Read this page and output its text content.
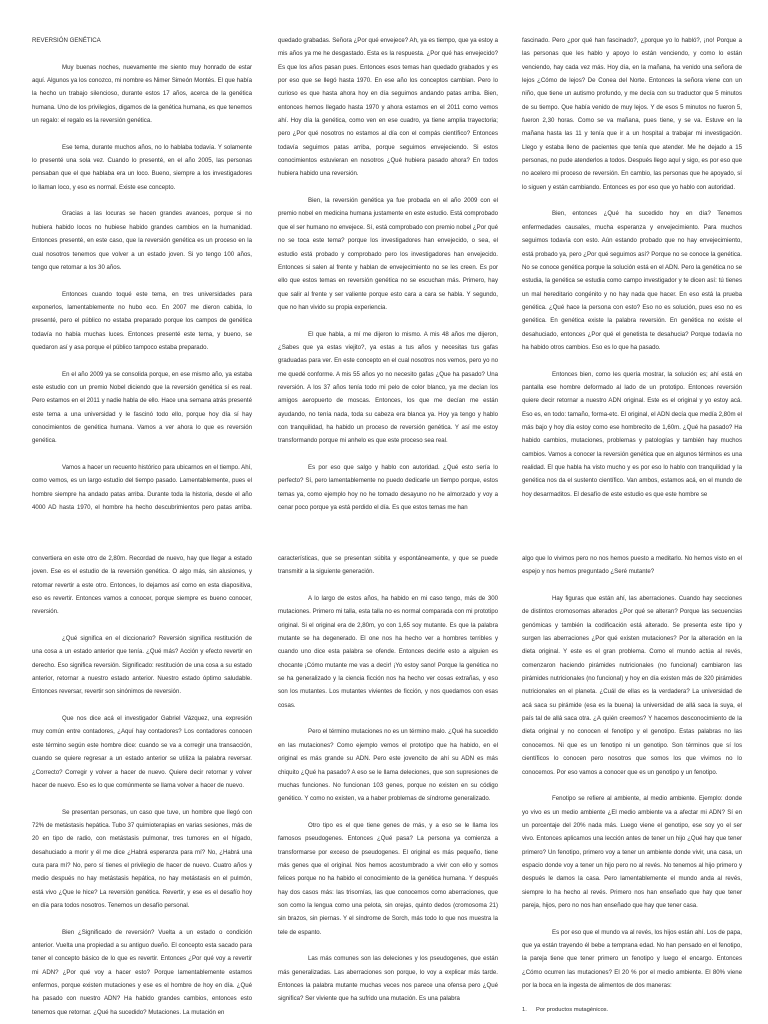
REVERSIÓN GENÉTICA

Muy buenas noches, nuevamente me siento muy honrado de estar aquí. Algunos ya los conozco, mi nombre es Nimer Simeón Montés. El que había la hecho un trabajo silencioso, durante estos 17 años, acerca de la genética humana. Uno de los privilegios, digamos de la genética humana, es que tenemos un regalo: el regalo es la reversión genética.

Ese tema, durante muchos años, no lo hablaba todavía. Y solamente lo presenté una sola vez. Cuando lo presenté, en el año 2005, las personas pensaban que el que hablaba era un loco. Bueno, siempre a los investigadores lo llaman loco, y eso es normal. Existe ese concepto.

Gracias a las locuras se hacen grandes avances, porque si no hubiera habido locos no hubiese habido grandes cambios en la humanidad. Entonces presenté, en este caso, que la reversión genética es un proceso en la cual nosotros tenemos que volver a un estado joven. Si yo tengo 100 años, tengo que retomar a los 30 años.

Entonces cuando toqué este tema, en tres universidades para exponerlos, lamentablemente no hubo eco. En 2007 me dieron cabida, lo presenté, pero el público no estaba preparado porque los campos de genética todavía no había muchas luces. Entonces presenté este tema, y bueno, se quedaron así y asa porque el público tampoco estaba preparado.

En el año 2009 ya se consolida porque, en ese mismo año, ya estaba este estudio con un premio Nobel diciendo que la reversión genética sí es real. Pero estamos en el 2011 y nadie habla de ello. Hace una semana atrás presenté este tema a una universidad y le fascinó todo ello, porque hoy día sí hay conocimientos de genética humana. Vamos a ver ahora lo que es reversión genética.

Vamos a hacer un recuento histórico para ubicarnos en el tiempo. Ahí, como vemos, es un largo estudio del tiempo pasado. Lamentablemente, pues el hombre siempre ha andado patas arriba. Durante toda la historia, desde el año 4000 AD hasta 1970, el hombre ha hecho descubrimientos pero patas arriba.

quedado grabadas. Señora ¿Por qué envejece? Ah, ya es tiempo, que ya estoy a mis años ya me he desgastado. Esta es la respuesta. ¿Por qué has envejecido? Es que los años pasan pues. Entonces esos temas han quedado grabados y es por eso que se llegó hasta 1970. En ese año los conceptos cambian. Pero lo curioso es que hasta ahora hoy en día seguimos andando patas arriba. Bien, entonces hemos llegado hasta 1970 y ahora estamos en el 2011 como vemos ahí. Hoy día la genética, como ven en ese cuadro, ya tiene amplia trayectoria; pero ¿Por qué nosotros no estamos al día con el compás científico? Entonces todavía seguimos patas arriba, porque seguimos envejeciendo. Si estos conocimientos estuvieran en nosotros ¿Qué hubiera pasado ahora? En todos hubiera habido una reversión.

Bien, la reversión genética ya fue probada en el año 2009 con el premio nobel en medicina humana justamente en este estudio. Está comprobado que el ser humano no envejece. Sí, está comprobado con premio nobel ¿Por qué no se toca este tema? porque los investigadores han envejecido, o sea, el estudio está probado y comprobado pero los investigadores han envejecido. Entonces si salen al frente y hablan de envejecimiento no se les creen. Es por ello que estos temas en reversión genética no se escuchan más. Primero, hay que salir al frente y ser valiente porque esto cara a cara se habla. Y segundo, que no han vivido su propia experiencia.

El que habla, a mí me dijeron lo mismo. A mis 48 años me dijeron, ¿Sabes que ya estas viejito?, ya estas a tus años y necesitas tus gafas graduadas para ver. En este concepto en el cual nosotros nos vemos, pero yo no me quedé conforme. A mis 55 años yo no necesito gafas ¿Que ha pasado? Una reversión. A los 37 años tenía todo mi pelo de color blanco, ya me decían los amigos aeropuerto de moscas. Entonces, los que me decían me están ayudando, no tenía nada, toda su cabeza era blanca ya. Hoy ya tengo y hablo con tranquilidad, ha habido un proceso de reversión genética. Y así me estoy transformando porque mi anhelo es que este proceso sea real.

Es por eso que salgo y hablo con autoridad. ¿Qué esto sería lo perfecto? Sí, pero lamentablemente no puedo dedicarle un tiempo porque, estos temas ya, como ejemplo hoy no he tomado desayuno no he almorzado y voy a cenar poco porque ya está perdido el día. Es que estos temas me han

fascinado. Pero ¿por qué han fascinado?, ¿porque yo lo habló?, ¡no! Porque a las personas que les hablo y apoyo lo están venciendo, y como lo están venciendo, hay cada vez más. Hoy día, en la mañana, ha venido una señora de lejos ¿Cómo de lejos? De Conea del Norte. Entonces la señora viene con un niño, que tiene un autismo profundo, y me decía con su traductor que 5 minutos de su tiempo. Que había venido de muy lejos. Y de esos 5 minutos no fueron 5, fueron 2,30 horas. Como se va mañana, pues tiene, y se va. Estuve en la mañana hasta las 11 y tenía que ir a un hospital a trabajar mi investigación. Llego y estaba lleno de pacientes que tenía que atender. Me he dejado a 15 personas, no pude atenderlos a todos. Después llego aquí y sigo, es por eso que no acelero mi proceso de reversión. En cambio, las personas que he apoyado, sí lo siguen y están cambiando. Entonces es por eso que yo hablo con autoridad.

Bien, entonces ¿Qué ha sucedido hoy en día? Tenemos enfermedades causales, mucha esperanza y envejecimiento. Para muchos seguimos todavía con esto. Aún estando probado que no hay envejecimiento, está probado ya, pero ¿Por qué seguimos así? Porque no se conoce la genética. No se conoce genética porque la solución está en el ADN. Pero la genética no se estudia, la genética se estudia como campo investigador y te dicen así: tú tienes un mal hereditario congénito y no hay nada que hacer. En eso está la prueba genética. ¿Qué hace la persona con esto? Eso no es solución, pues eso no es genética. En genética existe la palabra reversión. En genética no existe el desahuciado, entonces ¿Por qué el genetista te desahucia? Porque todavía no ha habido otros cambios. Eso es lo que ha pasado.

Entonces bien, como les quería mostrar, la solución es; ahí está en pantalla ese hombre deformado al lado de un prototipo. Entonces reversión quiere decir retornar a nuestro ADN original. Este es el original y yo estoy acá. Eso es, en todo: tamaño, forma-etc. El original, el ADN decía que medía 2,80m el más bajo y hoy día estoy como ese hombrecito de 1,60m. ¿Qué ha pasado? Ha habido cambios, mutaciones, problemas y patologías y también hay muchos cambios. Vamos a conocer la reversión genética que en algunos términos es una realidad. El que habla ha visto mucho y es por eso lo hablo con tranquilidad y la genética nos da el sustento científico. Van ambos, estamos acá, en el mundo de hoy desarmaditos. El desafío de este estudio es que este hombre se

convertiera en este otro de 2,80m. Recordad de nuevo, hay que llegar a estado joven. Ese es el estudio de la reversión genética. O algo más, sin alusiones, y retomar revertir a este otro. Entonces, lo dejamos así como en esta diapositiva, eso es revertir. Entonces vamos a conocer, porque siempre es bueno conocer, reversión.

¿Qué significa en el diccionario? Reversión significa restitución de una cosa a un estado anterior que tenía. ¿Qué más? Acción y efecto revertir en derecho. Eso significa reversión. Significado: restitución de una cosa a su estado anterior, retornar a nuestro estado anterior. Nuestro estado óptimo saludable. Entonces reversar, revertir son sinónimos de reversión.

Que nos dice acá el investigador Gabriel Vázquez, una expresión muy común entre contadores, ¿Aquí hay contadores? Los contadores conocen este término según este hombre dice: cuando se va a corregir una transacción, cuando se quiere regresar a un estado anterior se utiliza la palabra reversar. ¿Correcto? Corregir y volver a hacer de nuevo. Quiere decir retornar y volver hacer de nuevo. Eso es lo que comúnmente se llama volver a hacer de nuevo.

Se presentan personas, un caso que tuve, un hombre que llegó con 72% de metástasis hepática. Tubo 37 quimioterapias en varias sesiones, más de 20 en tipo de radio, con metástasis pulmonar, tres tumores en el hígado, desahuciado a morir y él me dice ¿Habrá esperanza para mí? No, ¿Habrá una cura para mí? No, pero sí tienes el privilegio de hacer de nuevo. Cuatro años y medio después no hay metástasis hepática, no hay metástasis en el pulmón, está vivo ¿Que le hice? La reversión genética. Revertir, y ese es el desafío hoy en día para todos nosotros. Tenemos un desafío personal.

Bien ¿Significado de reversión? Vuelta a un estado o condición anterior. Vuelta una propiedad a su antiguo dueño. El concepto esta sacado para tener el concepto básico de lo que es revertir. Entonces ¿Por qué voy a revertir mi ADN? ¿Por qué voy a hacer esto? Porque lamentablemente estamos enfermos, porque existen mutaciones y ese es el hombre de hoy en día. ¿Qué ha pasado con nuestro ADN? Ha habido grandes cambios, entonces esto tenemos que retornar. ¿Qué ha sucedido? Mutaciones. La mutación en

características, que se presentan súbita y espontáneamente, y que se puede transmitir a la siguiente generación.

A lo largo de estos años, ha habido en mi caso tengo, más de 300 mutaciones. Primero mi talla, esta talla no es normal comparada con mi prototipo original. Si el original era de 2,80m, yo con 1,65 soy mutante. Es que la palabra mutante se ha degenerado. El one nos ha hecho ver a hombres terribles y cuando uno dice esta palabra se ofende. Entonces decirle esto a alguien es chocante ¡Cómo mutante me vas a decir! ¡Yo estoy sano! Porque la genética no se ha generalizado y la ciencia ficción nos ha hecho ver cosas extrañas, y eso son los mutantes. Los mutantes vivientes de ficción, y nos quedamos con esas cosas.

Pero el término mutaciones no es un término malo. ¿Qué ha sucedido en las mutaciones? Como ejemplo vemos el prototipo que ha habido, en el original es más grande su ADN. Pero este jovencito de ahí su ADN es más chiquito ¿Qué ha pasado? A eso se le llama deleciones, que son supresiones de muchas funciones. No funcionan 103 genes, porque no existen en su código genético. Y como no existen, va a haber problemas de síndrome generalizado.

Otro tipo es el que tiene genes de más, y a eso se le llama los famosos pseudogenes. Entonces ¿Qué pasa? La persona ya comienza a transformarse por exceso de pseudogenes. El original es más pequeño, tiene más genes que el original. Nos hemos acostumbrado a vivir con ello y somos felices porque no ha habido el conocimiento de la genética humana. Y después hay dos casos más: las trisomías, las que conocemos como aberraciones, que son como la lengua como una pelota, sin orejas, quinto dedos (cromosoma 21) sin brazos, sin piernas. Y el síndrome de Sorch, más todo lo que nos muestra la tele de espanto.

Las más comunes son las deleciones y los pseudogenes, que están más generalizadas. Las aberraciones son porque, lo voy a explicar más tarde. Entonces la palabra mutante muchas veces nos parece una ofensa pero ¿Qué significa? Ser viviente que ha sufrido una mutación. Es una palabra

algo que lo vivimos pero no nos hemos puesto a meditarlo. No hemos visto en el espejo y nos hemos preguntado ¿Seré mutante?

Hay figuras que están ahí, las aberraciones. Cuando hay secciones de distintos cromosomas alterados ¿Por qué se alteran? Porque las secuencias genómicas y también la codificación está alterado. Se presenta este tipo y surgen las aberraciones ¿Por qué existen mutaciones? Por la alteración en la dieta original. Y este es el gran problema. Como el mundo actúa al revés, comenzaron haciendo pirámides nutricionales (no funcional) cambiaron las pirámides nutricionales (no funcional) y hoy en día existen más de 320 pirámides nutricionales en el planeta. ¿Cuál de ellas es la verdadera? La universidad de acá saca su pirámide (esa es la buena) la universidad de allá saca la suya, el país tal de allá saca otra. ¿A quién creemos? Y hacemos desconocimiento de la dieta original y no conocen el fenotipo y el genotipo. Estas palabras no las conocemos. Ni que es un fenotipo ni un genotipo. Son términos que sí los científicos lo conocen pero nosotros que somos los que vivimos no lo conocemos. Por eso vamos a conocer que es un genotipo y un fenotipo.

Fenotipo se refiere al ambiente, al medio ambiente. Ejemplo: donde yo vivo es un medio ambiente ¿El medio ambiente va a afectar mi ADN? Sí en un porcentaje del 20% nada más. Luego viene el genotipo, ese soy yo el ser vivo. Entonces aplicamos una lección antes de tener un hijo ¿Qué hay que tener primero? Un fenotipo, primero voy a tener un ambiente donde vivir, una casa, un espacio donde voy a tener un hijo pero no al revés. No tenemos al hijo primero y después le damos la casa. Pero lamentablemente el mundo anda al revés, siempre lo ha hecho al revés. Primero nos han enseñado que hay que tener pareja, hijos, pero no nos han enseñado que hay que tener casa.

Es por eso que el mundo va al revés, los hijos están ahí. Los de papa, que ya están trayendo él bebe a temprana edad. No han pensado en el fenotipo, la pareja tiene que tener primero un fenotipo y luego el encargo. Entonces ¿Cómo ocurren las mutaciones? El 20 % por el medio ambiente. El 80% viene por la boca en la ingesta de alimentos de dos maneras:

1. Por productos mutagénicos.
